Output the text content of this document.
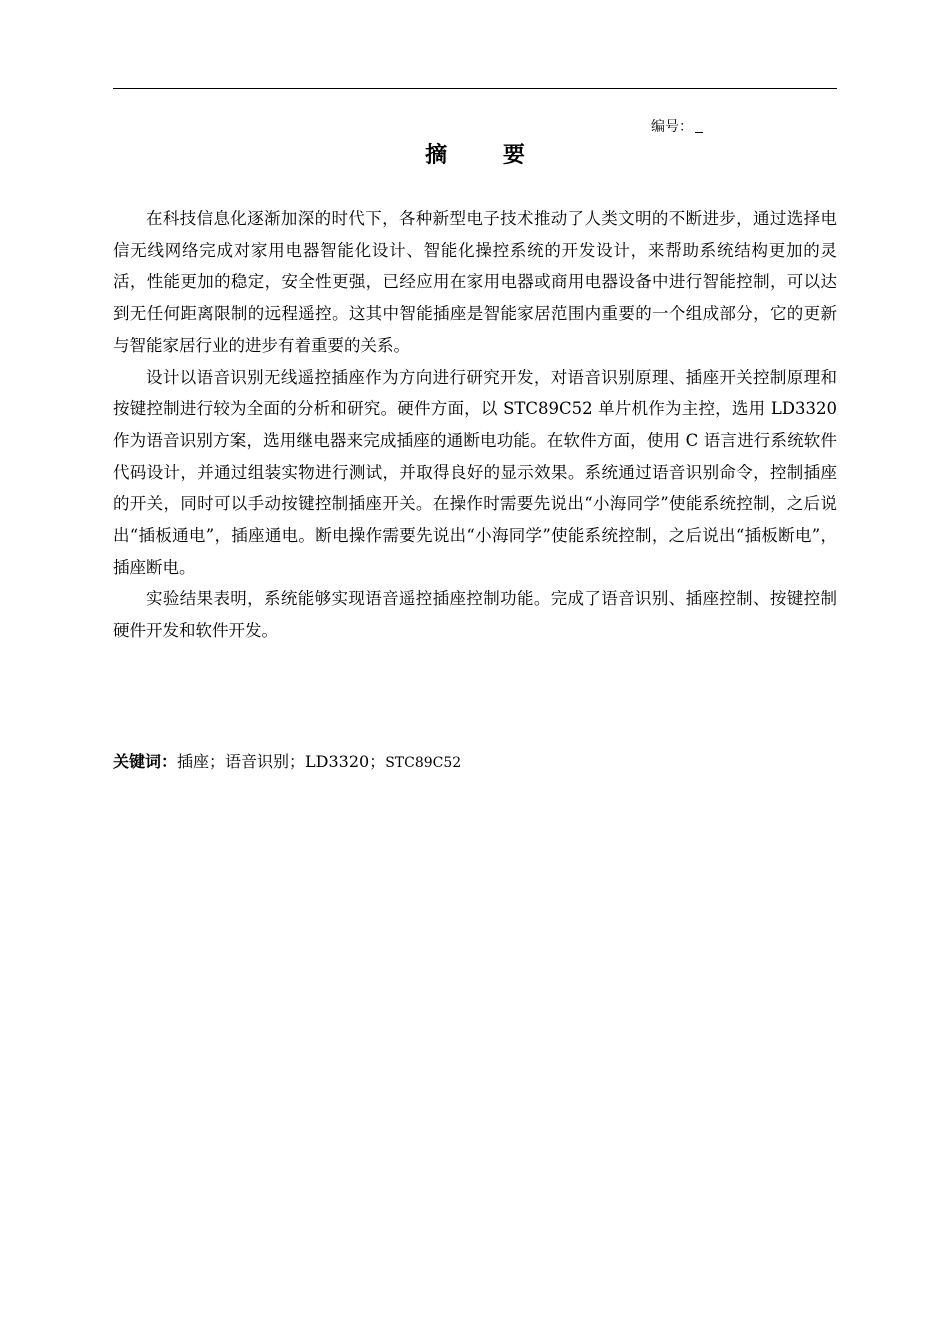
编号：
摘 要

在科技信息化逐渐加深的时代下，各种新型电子技术推动了人类文明的不断进步，通过选择电信无线网络完成对家用电器智能化设计、智能化操控系统的开发设计，来帮助系统结构更加的灵活，性能更加的稳定，安全性更强，已经应用在家用电器或商用电器设备中进行智能控制，可以达到无任何距离限制的远程遥控。这其中智能插座是智能家居范围内重要的一个组成部分，它的更新与智能家居行业的进步有着重要的关系。

设计以语音识别无线遥控插座作为方向进行研究开发，对语音识别原理、插座开关控制原理和按键控制进行较为全面的分析和研究。硬件方面，以 STC89C52 单片机作为主控，选用 LD3320 作为语音识别方案，选用继电器来完成插座的通断电功能。在软件方面，使用 C 语言进行系统软件代码设计，并通过组装实物进行测试，并取得良好的显示效果。系统通过语音识别命令，控制插座的开关，同时可以手动按键控制插座开关。在操作时需要先说出“小海同学”使能系统控制，之后说出“插板通电”，插座通电。断电操作需要先说出“小海同学”使能系统控制，之后说出“插板断电”，插座断电。

实验结果表明，系统能够实现语音遥控插座控制功能。完成了语音识别、插座控制、按键控制硬件开发和软件开发。

关键词：插座；语音识别；LD3320；STC89C52
